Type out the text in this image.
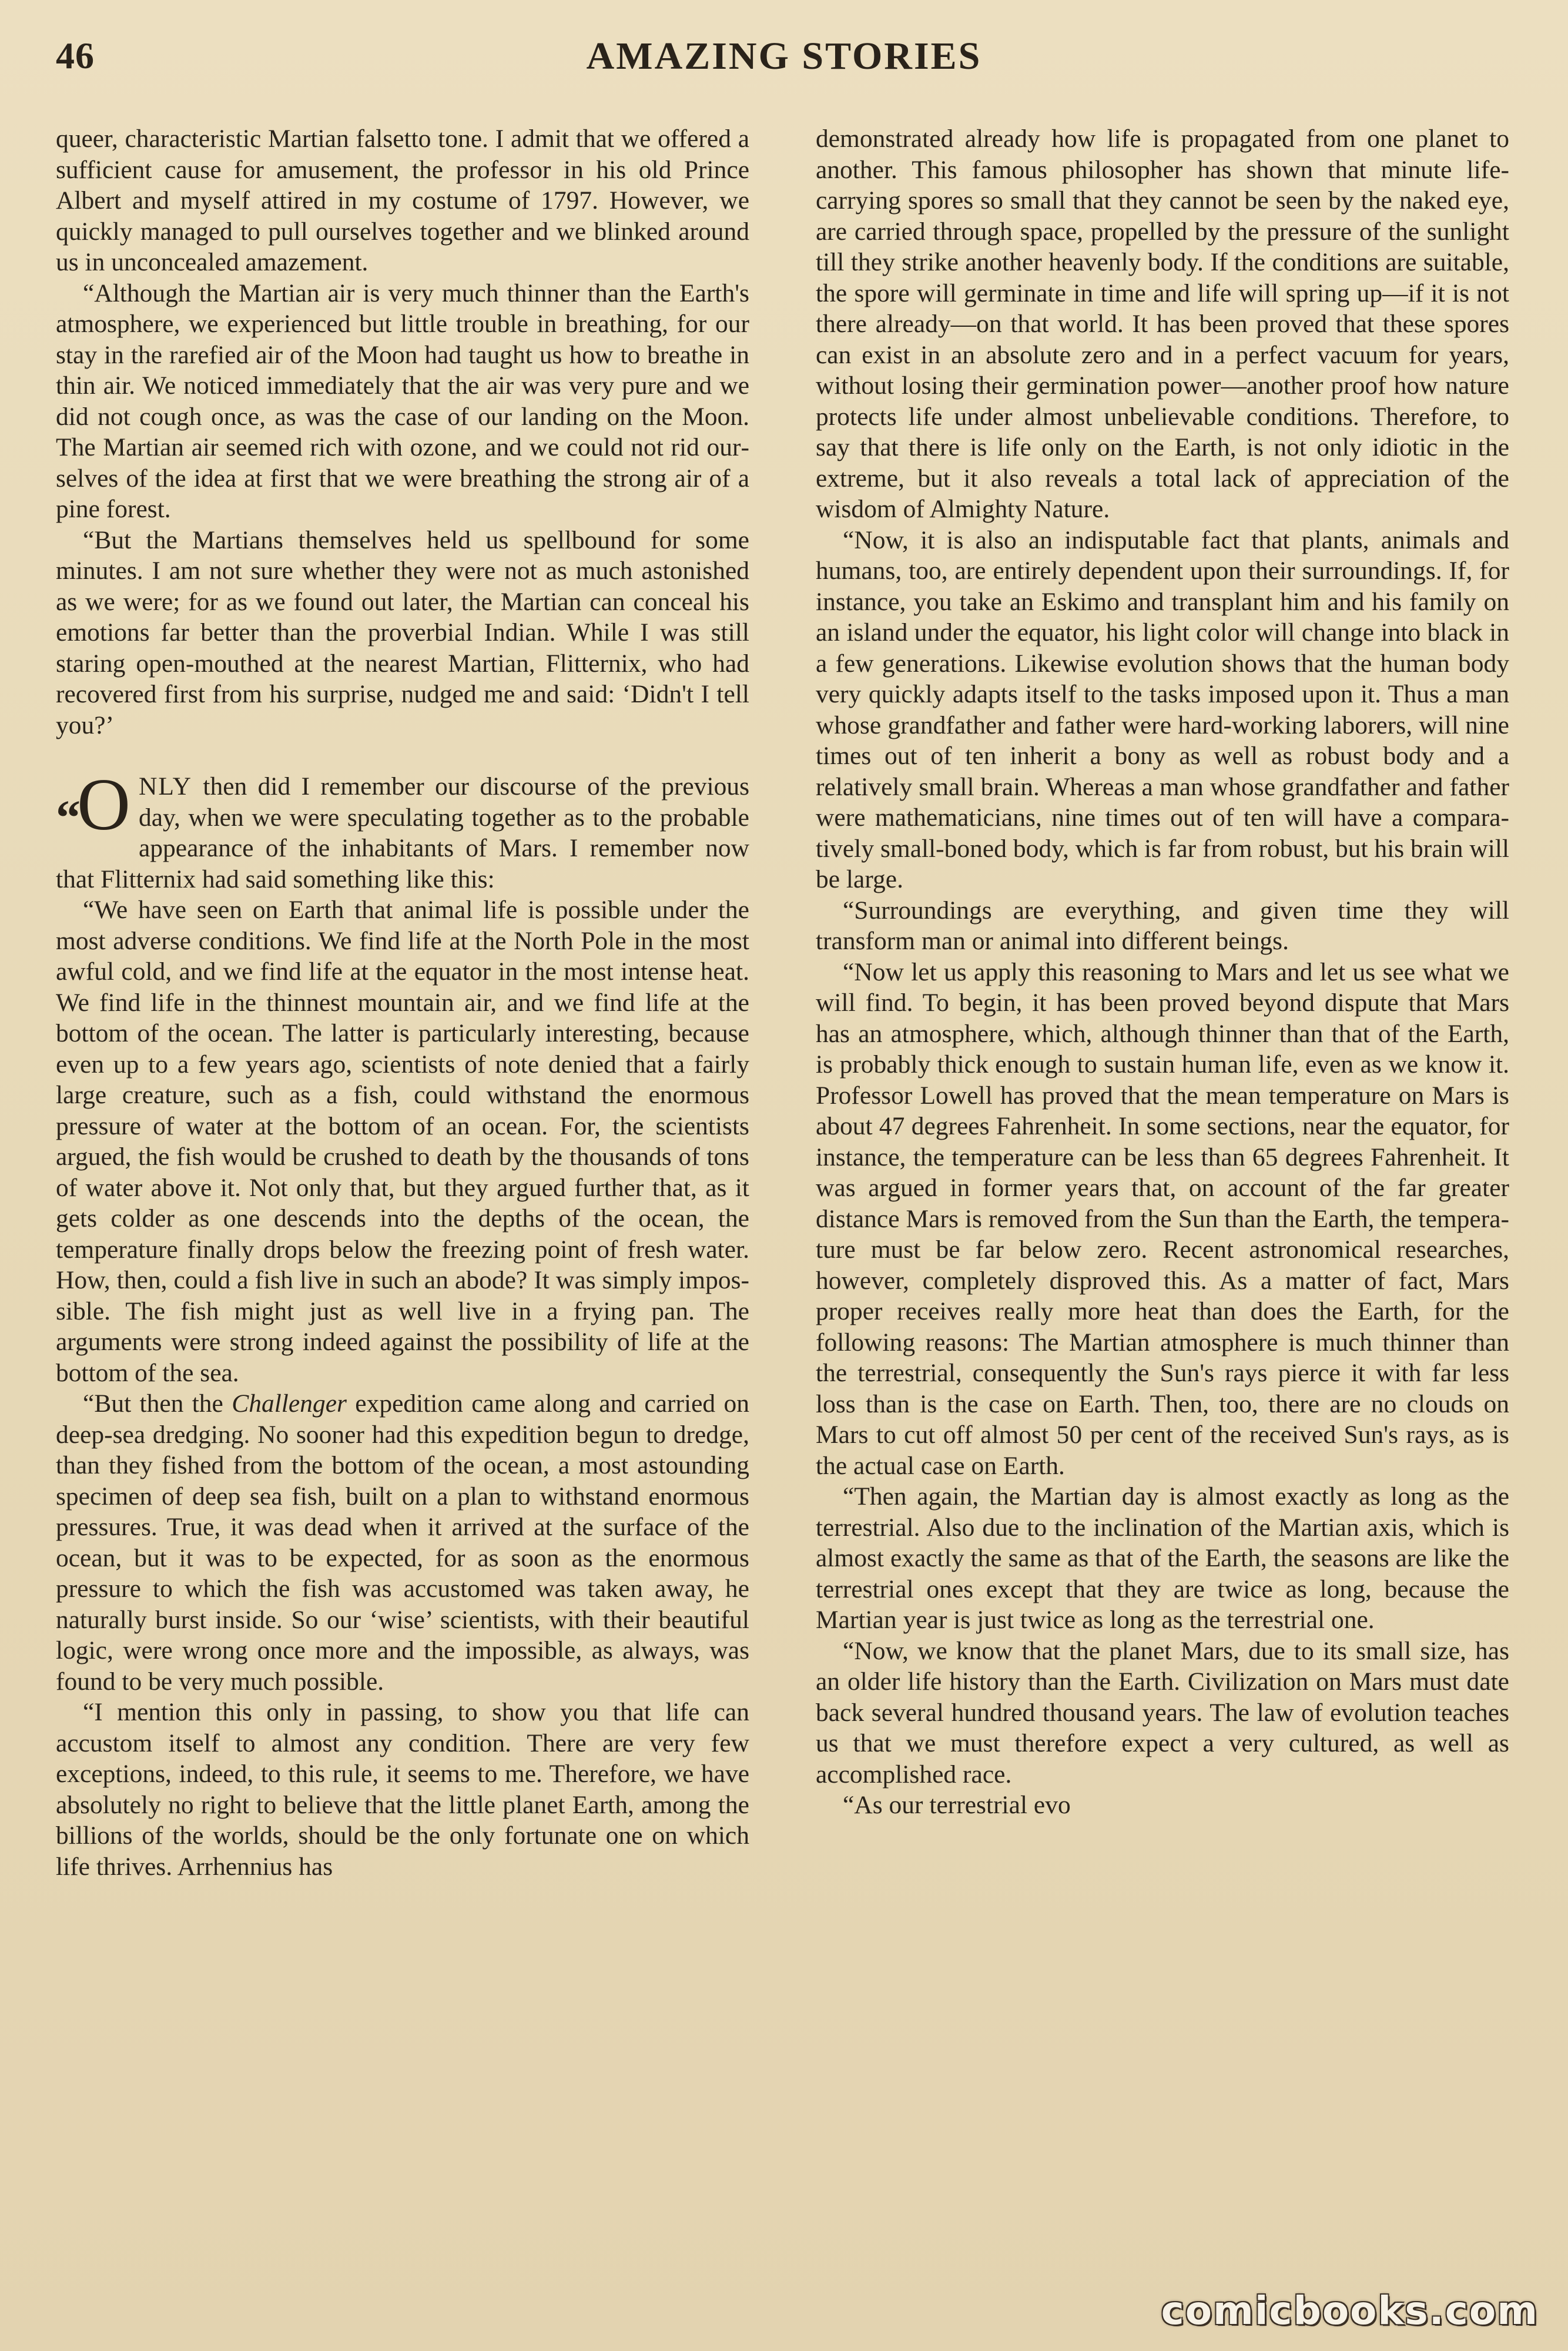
46	AMAZING STORIES

queer, characteristic Martian falsetto tone. I admit that we offered a sufficient cause for amusement, the professor in his old Prince Albert and myself attired in my costume of 1797. However, we quickly managed to pull ourselves together and we blinked around us in unconcealed amazement.

“Although the Martian air is very much thinner than the Earth's atmosphere, we experienced but little trouble in breathing, for our stay in the rarefied air of the Moon had taught us how to breathe in thin air. We noticed immediately that the air was very pure and we did not cough once, as was the case of our landing on the Moon. The Martian air seemed rich with ozone, and we could not rid ourselves of the idea at first that we were breathing the strong air of a pine forest.

“But the Martians themselves held us spellbound for some minutes. I am not sure whether they were not as much astonished as we were; for as we found out later, the Martian can conceal his emotions far better than the proverbial Indian. While I was still staring open-mouthed at the nearest Martian, Flitternix, who had recovered first from his surprise, nudged me and said: ‘Didn't I tell you?’

“O NLY then did I remember our discourse of the previous day, when we were speculating together as to the probable appearance of the inhabitants of Mars. I remember now that Flitternix had said something like this:

“We have seen on Earth that animal life is possible under the most adverse conditions. We find life at the North Pole in the most awful cold, and we find life at the equator in the most intense heat. We find life in the thinnest mountain air, and we find life at the bottom of the ocean. The latter is particularly interesting, because even up to a few years ago, scientists of note denied that a fairly large creature, such as a fish, could withstand the enormous pressure of water at the bottom of an ocean. For, the scientists argued, the fish would be crushed to death by the thousands of tons of water above it. Not only that, but they argued further that, as it gets colder as one descends into the depths of the ocean, the temperature finally drops below the freezing point of fresh water. How, then, could a fish live in such an abode? It was simply impossible. The fish might just as well live in a frying pan. The arguments were strong indeed against the possibility of life at the bottom of the sea.

“But then the Challenger expedition came along and carried on deep-sea dredging. No sooner had this expedition begun to dredge, than they fished from the bottom of the ocean, a most astounding specimen of deep sea fish, built on a plan to withstand enormous pressures. True, it was dead when it arrived at the surface of the ocean, but it was to be expected, for as soon as the enormous pressure to which the fish was accustomed was taken away, he naturally burst inside. So our ‘wise’ scientists, with their beautiful logic, were wrong once more and the impossible, as always, was found to be very much possible.

“I mention this only in passing, to show you that life can accustom itself to almost any condition. There are very few exceptions, indeed, to this rule, it seems to me. Therefore, we have absolutely no right to believe that the little planet Earth, among the billions of the worlds, should be the only fortunate one on which life thrives. Arrhennius has

demonstrated already how life is propagated from one planet to another. This famous philosopher has shown that minute life-carrying spores so small that they cannot be seen by the naked eye, are carried through space, propelled by the pressure of the sunlight till they strike another heavenly body. If the conditions are suitable, the spore will germinate in time and life will spring up—if it is not there already—on that world. It has been proved that these spores can exist in an absolute zero and in a perfect vacuum for years, without losing their germination power—another proof how nature protects life under almost unbelievable conditions. Therefore, to say that there is life only on the Earth, is not only idiotic in the extreme, but it also reveals a total lack of appreciation of the wisdom of Almighty Nature.

“Now, it is also an indisputable fact that plants, animals and humans, too, are entirely dependent upon their surroundings. If, for instance, you take an Eskimo and transplant him and his family on an island under the equator, his light color will change into black in a few generations. Likewise evolution shows that the human body very quickly adapts itself to the tasks imposed upon it. Thus a man whose grandfather and father were hard-working laborers, will nine times out of ten inherit a bony as well as robust body and a relatively small brain. Whereas a man whose grandfather and father were mathematicians, nine times out of ten will have a comparatively small-boned body, which is far from robust, but his brain will be large.

“Surroundings are everything, and given time they will transform man or animal into different beings.

“Now let us apply this reasoning to Mars and let us see what we will find. To begin, it has been proved beyond dispute that Mars has an atmosphere, which, although thinner than that of the Earth, is probably thick enough to sustain human life, even as we know it. Professor Lowell has proved that the mean temperature on Mars is about 47 degrees Fahrenheit. In some sections, near the equator, for instance, the temperature can be less than 65 degrees Fahrenheit. It was argued in former years that, on account of the far greater distance Mars is removed from the Sun than the Earth, the temperature must be far below zero. Recent astronomical researches, however, completely disproved this. As a matter of fact, Mars proper receives really more heat than does the Earth, for the following reasons: The Martian atmosphere is much thinner than the terrestrial, consequently the Sun's rays pierce it with far less loss than is the case on Earth. Then, too, there are no clouds on Mars to cut off almost 50 per cent of the received Sun's rays, as is the actual case on Earth.

“Then again, the Martian day is almost exactly as long as the terrestrial. Also due to the inclination of the Martian axis, which is almost exactly the same as that of the Earth, the seasons are like the terrestrial ones except that they are twice as long, because the Martian year is just twice as long as the terrestrial one.

“Now, we know that the planet Mars, due to its small size, has an older life history than the Earth. Civilization on Mars must date back several hundred thousand years. The law of evolution teaches us that we must therefore expect a very cultured, as well as accomplished race.

“As our terrestrial evo

comicbooks.com
